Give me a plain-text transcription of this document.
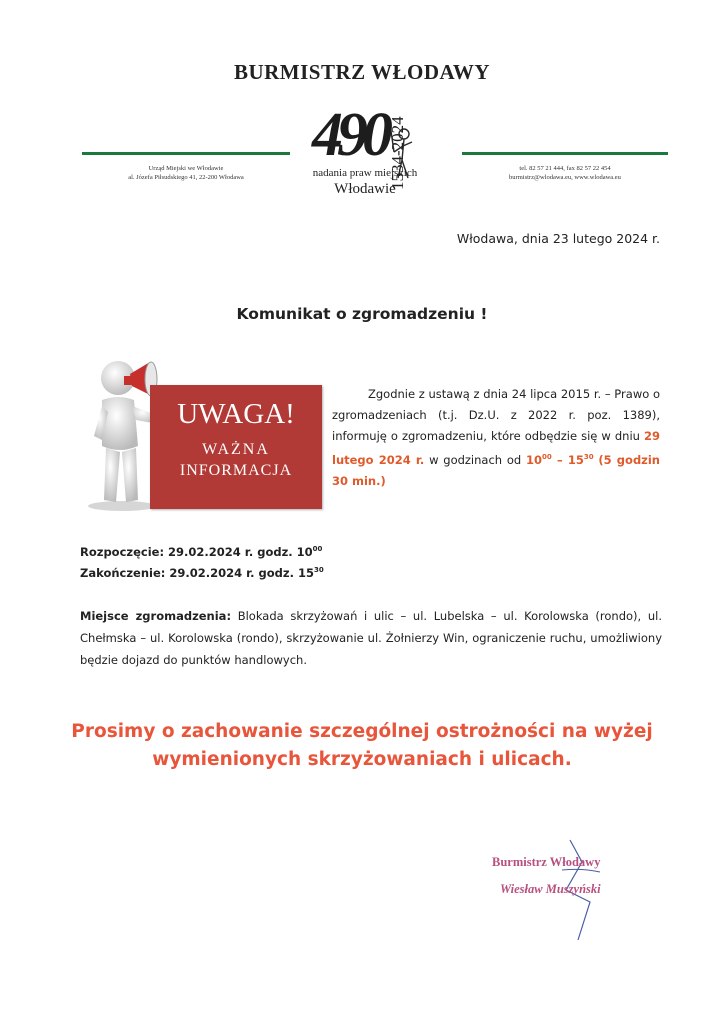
BURMISTRZ WŁODAWY
Urząd Miejski we Włodawie
al. Józefa Piłsudskiego 41, 22-200 Włodawa
tel. 82 57 21 444, fax 82 57 22 454
burmistrz@wlodawa.eu, www.wlodawa.eu
490
nadania praw miejskich
Włodawie
1534-2024
Włodawa, dnia 23 lutego 2024 r.
Komunikat o zgromadzeniu !
UWAGA!
WAŻNA
INFORMACJA
Zgodnie z ustawą z dnia 24 lipca 2015 r. – Prawo o zgromadzeniach (t.j. Dz.U. z 2022 r. poz. 1389), informuję o zgromadzeniu, które odbędzie się w dniu 29 lutego 2024 r. w godzinach od $10^{00} - 15^{30}$ (5 godzin 30 min.)
Rozpoczęcie: 29.02.2024 r. godz. $10^{00}$
Zakończenie: 29.02.2024 r. godz. $15^{30}$
Miejsce zgromadzenia: Blokada skrzyżowań i ulic – ul. Lubelska – ul. Korolowska (rondo), ul. Chełmska – ul. Korolowska (rondo), skrzyżowanie ul. Żołnierzy Win, ograniczenie ruchu, umożliwiony będzie dojazd do punktów handlowych.
Prosimy o zachowanie szczególnej ostrożności na wyżej
wymienionych skrzyżowaniach i ulicach.
Burmistrz Włodawy
Wiesław Muszyński
